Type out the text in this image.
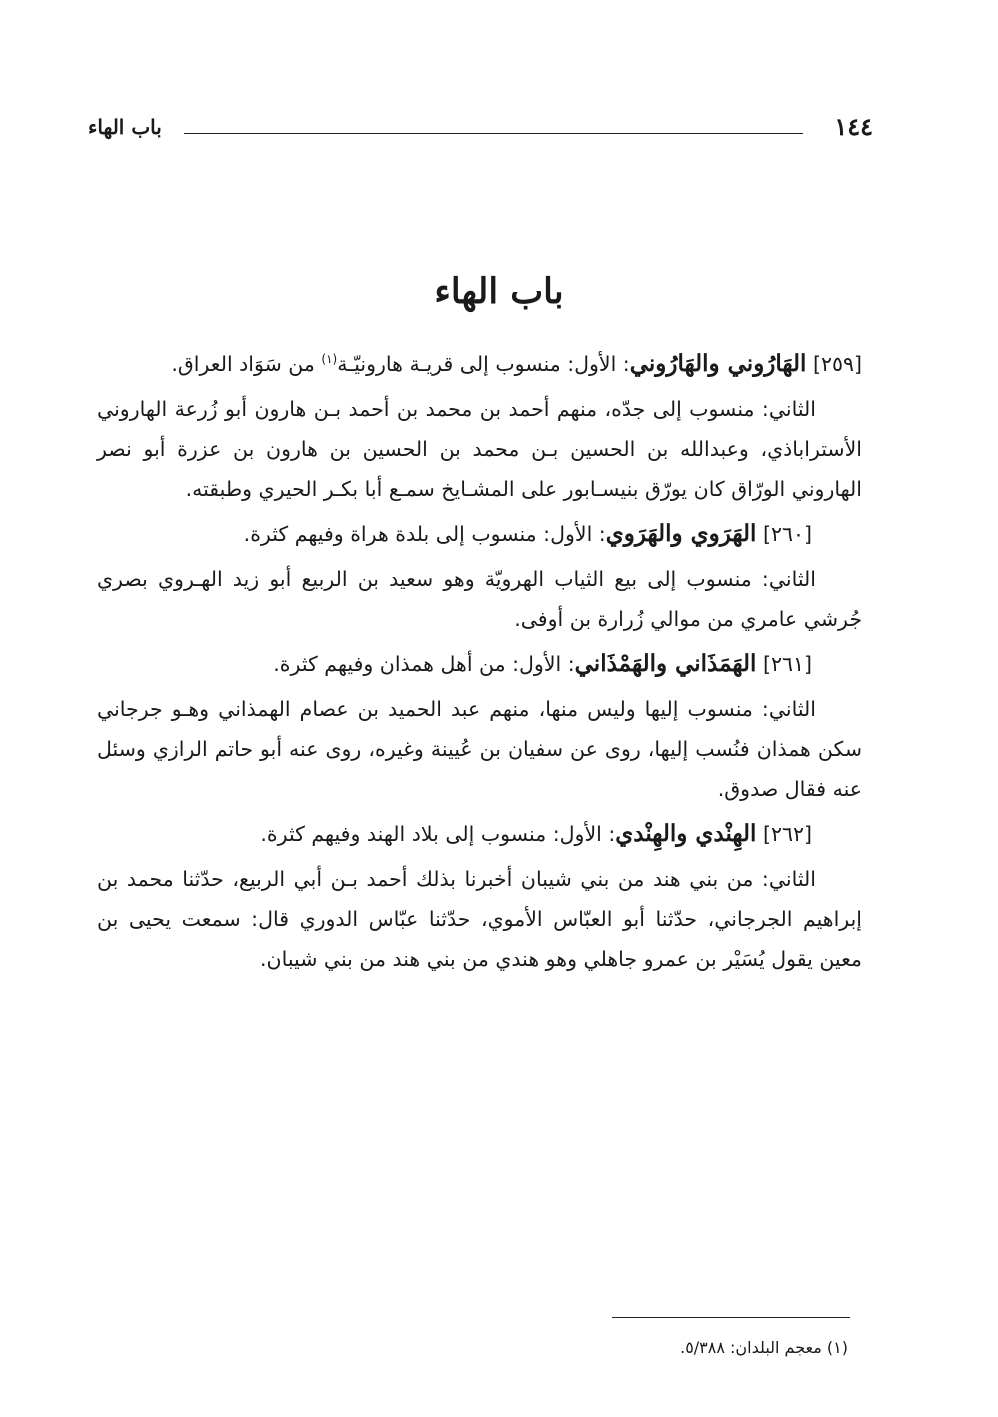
١٤٤
باب الهاء
باب الهاء

[٢٥٩] الهَارُوني والهَارُوني: الأول: منسوب إلى قريـة هارونيّـة$^{(١)}$ من سَوَاد العراق.

الثاني: منسوب إلى جدّه، منهم أحمد بن محمد بن أحمد بـن هارون أبو زُرعة الهاروني الأستراباذي، وعبدالله بن الحسين بـن محمد بن الحسين بن هارون بن عزرة أبو نصر الهاروني الورّاق كان يورّق بنيسـابور على المشـايخ سمـع أبا بكـر الحيري وطبقته.

[٢٦٠] الهَرَوي والهَرَوي: الأول: منسوب إلى بلدة هراة وفيهم كثرة.

الثاني: منسوب إلى بيع الثياب الهرويّة وهو سعيد بن الربيع أبو زيد الهـروي بصري جُرشي عامري من موالي زُرارة بن أوفى.

[٢٦١] الهَمَذَاني والهَمْذَاني: الأول: من أهل همذان وفيهم كثرة.

الثاني: منسوب إليها وليس منها، منهم عبد الحميد بن عصام الهمذاني وهـو جرجاني سكن همذان فنُسب إليها، روى عن سفيان بن عُيينة وغيره، روى عنه أبو حاتم الرازي وسئل عنه فقال صدوق.

[٢٦٢] الهِنْدي والهِنْدي: الأول: منسوب إلى بلاد الهند وفيهم كثرة.

الثاني: من بني هند من بني شيبان أخبرنا بذلك أحمد بـن أبي الربيع، حدّثنا محمد بن إبراهيم الجرجاني، حدّثنا أبو العبّاس الأموي، حدّثنا عبّاس الدوري قال: سمعت يحيى بن معين يقول يُسَيْر بن عمرو جاهلي وهو هندي من بني هند من بني شيبان.

(١) معجم البلدان: ٥/٣٨٨.
